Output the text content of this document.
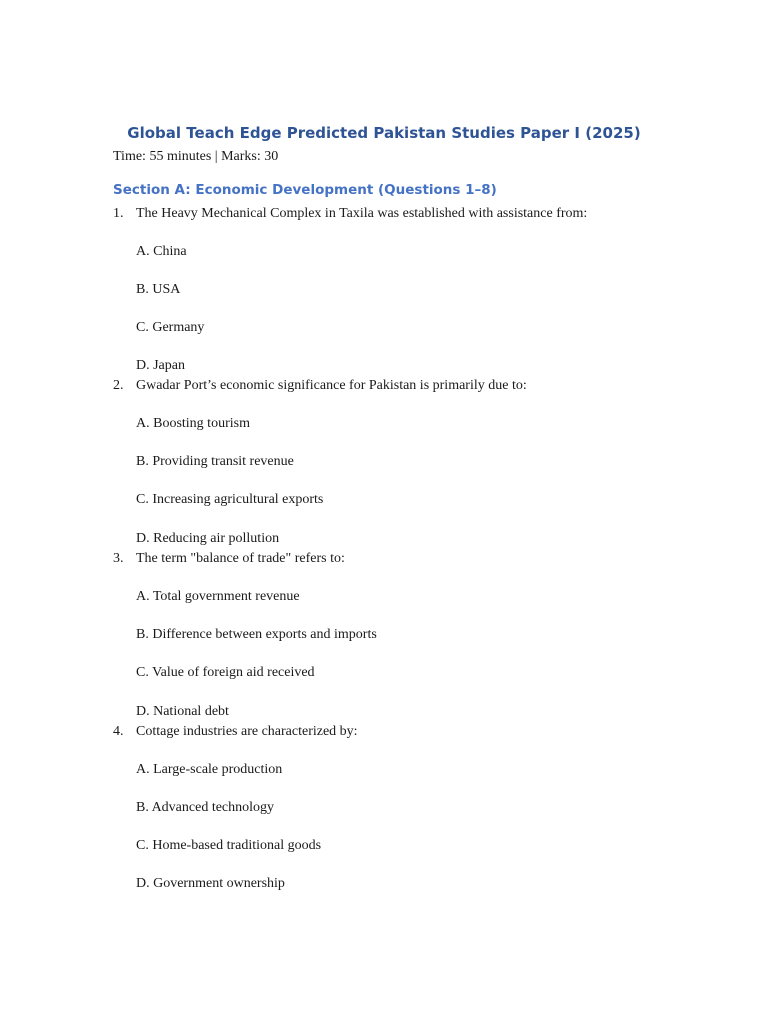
Global Teach Edge Predicted Pakistan Studies Paper I (2025)

Time: 55 minutes | Marks: 30

Section A: Economic Development (Questions 1–8)
1. The Heavy Mechanical Complex in Taxila was established with assistance from:
A. China
B. USA
C. Germany
D. Japan
2. Gwadar Port’s economic significance for Pakistan is primarily due to:
A. Boosting tourism
B. Providing transit revenue
C. Increasing agricultural exports
D. Reducing air pollution
3. The term "balance of trade" refers to:
A. Total government revenue
B. Difference between exports and imports
C. Value of foreign aid received
D. National debt
4. Cottage industries are characterized by:
A. Large-scale production
B. Advanced technology
C. Home-based traditional goods
D. Government ownership
